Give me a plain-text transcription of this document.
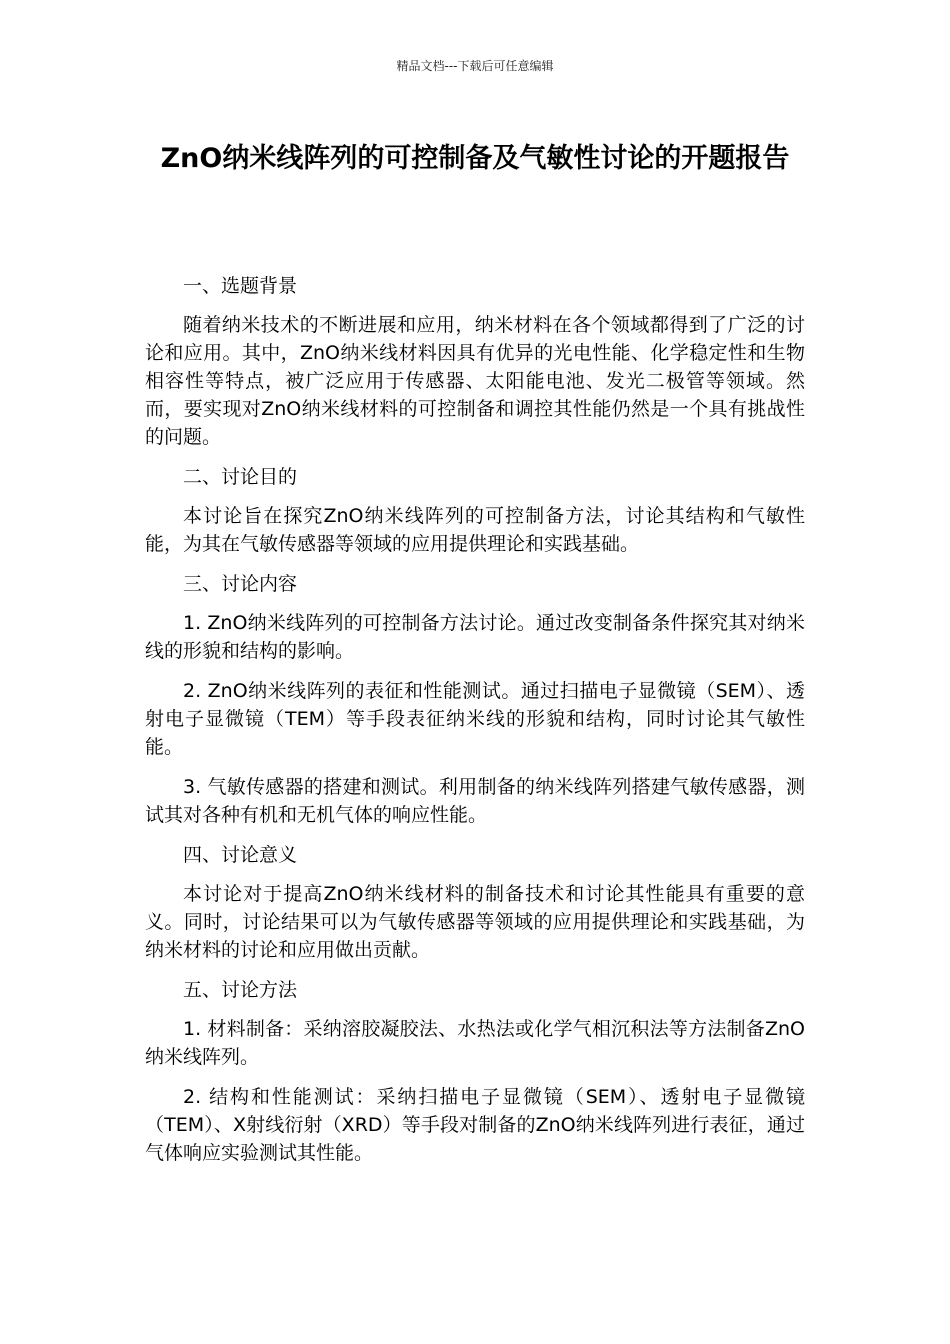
精品文档---下载后可任意编辑
ZnO纳米线阵列的可控制备及气敏性讨论的开题报告

一、选题背景

随着纳米技术的不断进展和应用，纳米材料在各个领域都得到了广泛的讨论和应用。其中，ZnO纳米线材料因具有优异的光电性能、化学稳定性和生物相容性等特点，被广泛应用于传感器、太阳能电池、发光二极管等领域。然而，要实现对ZnO纳米线材料的可控制备和调控其性能仍然是一个具有挑战性的问题。

二、讨论目的

本讨论旨在探究ZnO纳米线阵列的可控制备方法，讨论其结构和气敏性能，为其在气敏传感器等领域的应用提供理论和实践基础。

三、讨论内容

1. ZnO纳米线阵列的可控制备方法讨论。通过改变制备条件探究其对纳米线的形貌和结构的影响。

2. ZnO纳米线阵列的表征和性能测试。通过扫描电子显微镜（SEM）、透射电子显微镜（TEM）等手段表征纳米线的形貌和结构，同时讨论其气敏性能。

3. 气敏传感器的搭建和测试。利用制备的纳米线阵列搭建气敏传感器，测试其对各种有机和无机气体的响应性能。

四、讨论意义

本讨论对于提高ZnO纳米线材料的制备技术和讨论其性能具有重要的意义。同时，讨论结果可以为气敏传感器等领域的应用提供理论和实践基础，为纳米材料的讨论和应用做出贡献。

五、讨论方法

1. 材料制备：采纳溶胶凝胶法、水热法或化学气相沉积法等方法制备ZnO纳米线阵列。

2. 结构和性能测试：采纳扫描电子显微镜（SEM）、透射电子显微镜（TEM）、X射线衍射（XRD）等手段对制备的ZnO纳米线阵列进行表征，通过气体响应实验测试其性能。
